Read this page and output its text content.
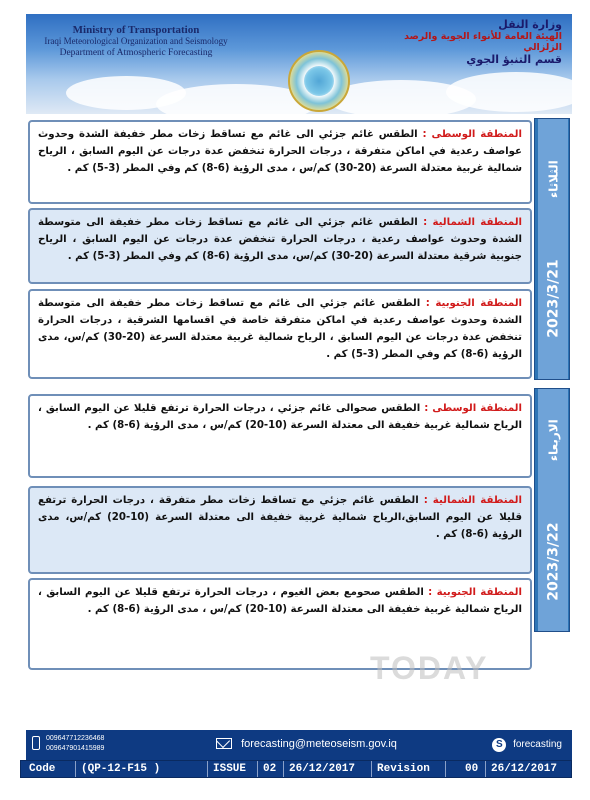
Ministry of Transportation
Iraqi Meteorological Organization and Seismology
Department of Atmospheric Forecasting
وزارة النقل
الهيئة العامة للأنواء الجوية والرصد الزلزالي
قسم التنبؤ الجوي
2023/3/21           الثلاثاء
2023/3/22           الاربعاء
المنطقة الوسطى : الطقس غائم جزئي الى غائم مع تساقط زخات مطر خفيفة الشدة وحدوث عواصف رعدية في اماكن متفرقة ، درجات الحرارة تنخفض عدة درجات عن اليوم السابق ، الرياح شمالية غربية معتدلة السرعة (20-30) كم/س ، مدى الرؤية (6-8) كم وفي المطر (3-5) كم .
المنطقة الشمالية : الطقس غائم جزئي الى غائم مع تساقط زخات مطر خفيفة الى متوسطة الشدة وحدوث عواصف رعدية ، درجات الحرارة تنخفض عدة درجات عن اليوم السابق ، الرياح جنوبية شرقية معتدلة السرعة (20-30) كم/س، مدى الرؤية (6-8) كم وفي المطر (3-5) كم .
المنطقة الجنوبية : الطقس غائم جزئي الى غائم مع تساقط زخات مطر خفيفة الى متوسطة الشدة وحدوث عواصف رعدية في اماكن متفرقة خاصة في اقسامها الشرقية ، درجات الحرارة تنخفض عدة درجات عن اليوم السابق ، الرياح شمالية غربية معتدلة السرعة (20-30) كم/س، مدى الرؤية (6-8) كم وفي المطر (3-5) كم .
المنطقة الوسطى : الطقس صحوالى غائم جزئي ، درجات الحرارة ترتفع قليلا عن اليوم السابق ، الرياح شمالية غربية خفيفة الى معتدلة السرعة (10-20) كم/س ، مدى الرؤية (6-8) كم .
المنطقة الشمالية : الطقس غائم جزئي مع تساقط زخات مطر متفرقة ، درجات الحرارة ترتفع قليلا عن اليوم السابق،الرياح شمالية غربية خفيفة الى معتدلة السرعة (10-20) كم/س، مدى الرؤية (6-8) كم .
المنطقة الجنوبية : الطقس صحومع بعض الغيوم ، درجات الحرارة ترتفع قليلا عن اليوم السابق ، الرياح شمالية غربية خفيفة الى معتدلة السرعة (10-20) كم/س ، مدى الرؤية (6-8) كم .
TODAY
009647712236468
009647901415989	forecasting@meteoseism.gov.iq	S forecasting
Code (QP-12-F15 )	ISSUE 02 26/12/2017 Revision	00 26/12/2017
